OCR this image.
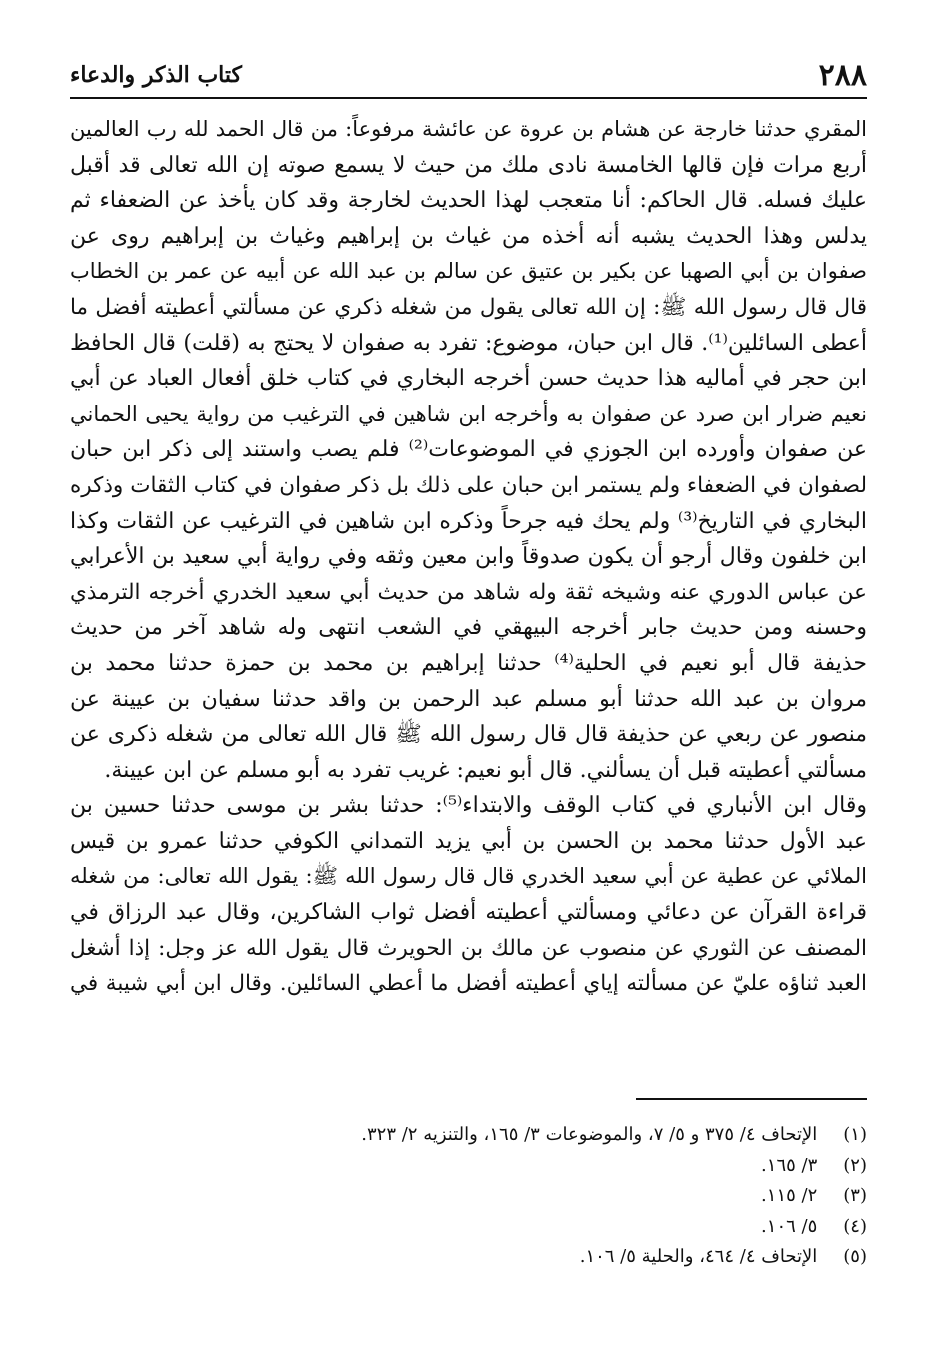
٢٨٨
كتاب الذكر والدعاء
المقري حدثنا خارجة عن هشام بن عروة عن عائشة مرفوعاً: من قال الحمد لله رب العالمين
أربع مرات فإن قالها الخامسة نادى ملك من حيث لا يسمع صوته إن الله تعالى قد أقبل
عليك فسله. قال الحاكم: أنا متعجب لهذا الحديث لخارجة وقد كان يأخذ عن الضعفاء ثم
يدلس وهذا الحديث يشبه أنه أخذه من غياث بن إبراهيم وغياث بن إبراهيم روى عن
صفوان بن أبي الصهبا عن بكير بن عتيق عن سالم بن عبد الله عن أبيه عن عمر بن الخطاب
قال قال رسول الله ﷺ: إن الله تعالى يقول من شغله ذكري عن مسألتي أعطيته أفضل ما
أعطى السائلين⁽¹⁾. قال ابن حبان، موضوع: تفرد به صفوان لا يحتج به (قلت) قال الحافظ
ابن حجر في أماليه هذا حديث حسن أخرجه البخاري في كتاب خلق أفعال العباد عن أبي
نعيم ضرار ابن صرد عن صفوان به وأخرجه ابن شاهين في الترغيب من رواية يحيى الحماني
عن صفوان وأورده ابن الجوزي في الموضوعات⁽²⁾ فلم يصب واستند إلى ذكر ابن حبان
لصفوان في الضعفاء ولم يستمر ابن حبان على ذلك بل ذكر صفوان في كتاب الثقات وذكره
البخاري في التاريخ⁽³⁾ ولم يحك فيه جرحاً وذكره ابن شاهين في الترغيب عن الثقات وكذا
ابن خلفون وقال أرجو أن يكون صدوقاً وابن معين وثقه وفي رواية أبي سعيد بن الأعرابي
عن عباس الدوري عنه وشيخه ثقة وله شاهد من حديث أبي سعيد الخدري أخرجه الترمذي
وحسنه ومن حديث جابر أخرجه البيهقي في الشعب انتهى وله شاهد آخر من حديث
حذيفة قال أبو نعيم في الحلية⁽⁴⁾ حدثنا إبراهيم بن محمد بن حمزة حدثنا محمد بن
مروان بن عبد الله حدثنا أبو مسلم عبد الرحمن بن واقد حدثنا سفيان بن عيينة عن
منصور عن ربعي عن حذيفة قال قال رسول الله ﷺ قال الله تعالى من شغله ذكرى عن
مسألتي أعطيته قبل أن يسألني. قال أبو نعيم: غريب تفرد به أبو مسلم عن ابن عيينة.
وقال ابن الأنباري في كتاب الوقف والابتداء⁽⁵⁾: حدثنا بشر بن موسى حدثنا حسين بن
عبد الأول حدثنا محمد بن الحسن بن أبي يزيد التمداني الكوفي حدثنا عمرو بن قيس
الملائي عن عطية عن أبي سعيد الخدري قال قال رسول الله ﷺ: يقول الله تعالى: من شغله
قراءة القرآن عن دعائي ومسألتي أعطيته أفضل ثواب الشاكرين، وقال عبد الرزاق في
المصنف عن الثوري عن منصوب عن مالك بن الحويرث قال يقول الله عز وجل: إذا أشغل
العبد ثناؤه عليّ عن مسألته إياي أعطيته أفضل ما أعطي السائلين. وقال ابن أبي شيبة في
(١) الإتحاف ٤/ ٣٧٥ و ٥/ ٧، والموضوعات ٣/ ١٦٥، والتنزيه ٢/ ٣٢٣.
(٢) ٣/ ١٦٥.
(٣) ٢/ ١١٥.
(٤) ٥/ ١٠٦.
(٥) الإتحاف ٤/ ٤٦٤، والحلية ٥/ ١٠٦.
